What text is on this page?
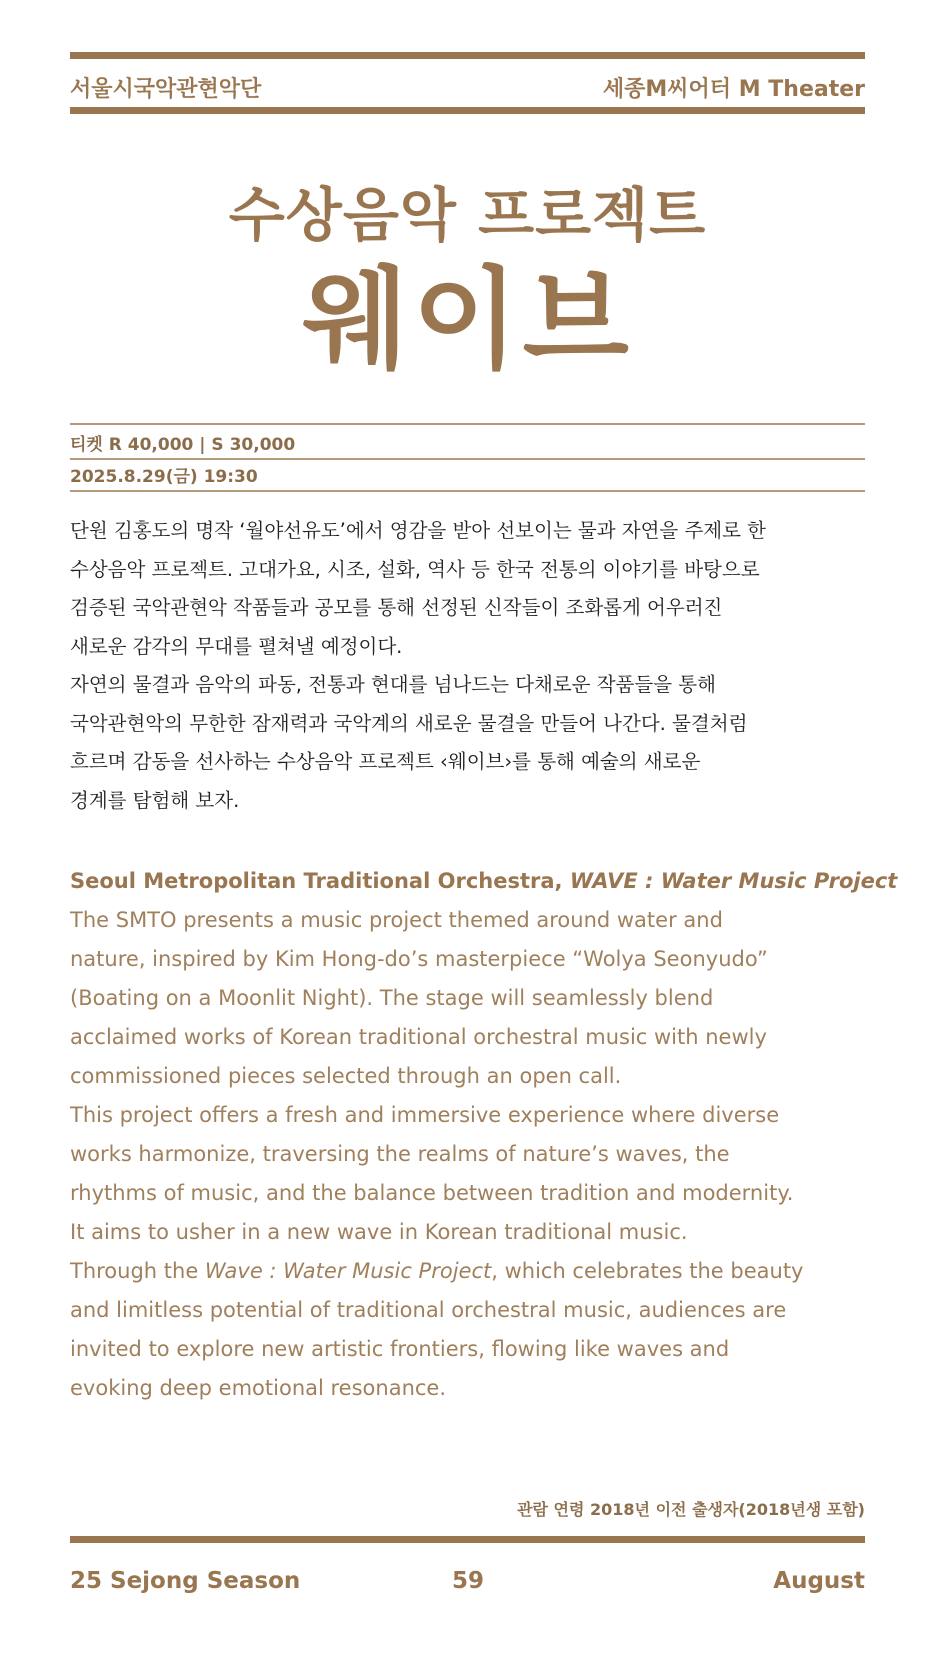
서울시국악관현악단	세종M씨어터 M Theater
수상음악 프로젝트
웨이브
티켓 R 40,000 | S 30,000
2025.8.29(금) 19:30
단원 김홍도의 명작 ‘월야선유도’에서 영감을 받아 선보이는 물과 자연을 주제로 한
수상음악 프로젝트. 고대가요, 시조, 설화, 역사 등 한국 전통의 이야기를 바탕으로
검증된 국악관현악 작품들과 공모를 통해 선정된 신작들이 조화롭게 어우러진
새로운 감각의 무대를 펼쳐낼 예정이다.
자연의 물결과 음악의 파동, 전통과 현대를 넘나드는 다채로운 작품들을 통해
국악관현악의 무한한 잠재력과 국악계의 새로운 물결을 만들어 나간다. 물결처럼
흐르며 감동을 선사하는 수상음악 프로젝트 ‹웨이브›를 통해 예술의 새로운
경계를 탐험해 보자.
Seoul Metropolitan Traditional Orchestra, WAVE : Water Music Project
The SMTO presents a music project themed around water and
nature, inspired by Kim Hong-do’s masterpiece “Wolya Seonyudo”
(Boating on a Moonlit Night). The stage will seamlessly blend
acclaimed works of Korean traditional orchestral music with newly
commissioned pieces selected through an open call.
This project offers a fresh and immersive experience where diverse
works harmonize, traversing the realms of nature’s waves, the
rhythms of music, and the balance between tradition and modernity.
It aims to usher in a new wave in Korean traditional music.
Through the Wave : Water Music Project, which celebrates the beauty
and limitless potential of traditional orchestral music, audiences are
invited to explore new artistic frontiers, flowing like waves and
evoking deep emotional resonance.
관람 연령 2018년 이전 출생자(2018년생 포함)
25 Sejong Season	59	August
